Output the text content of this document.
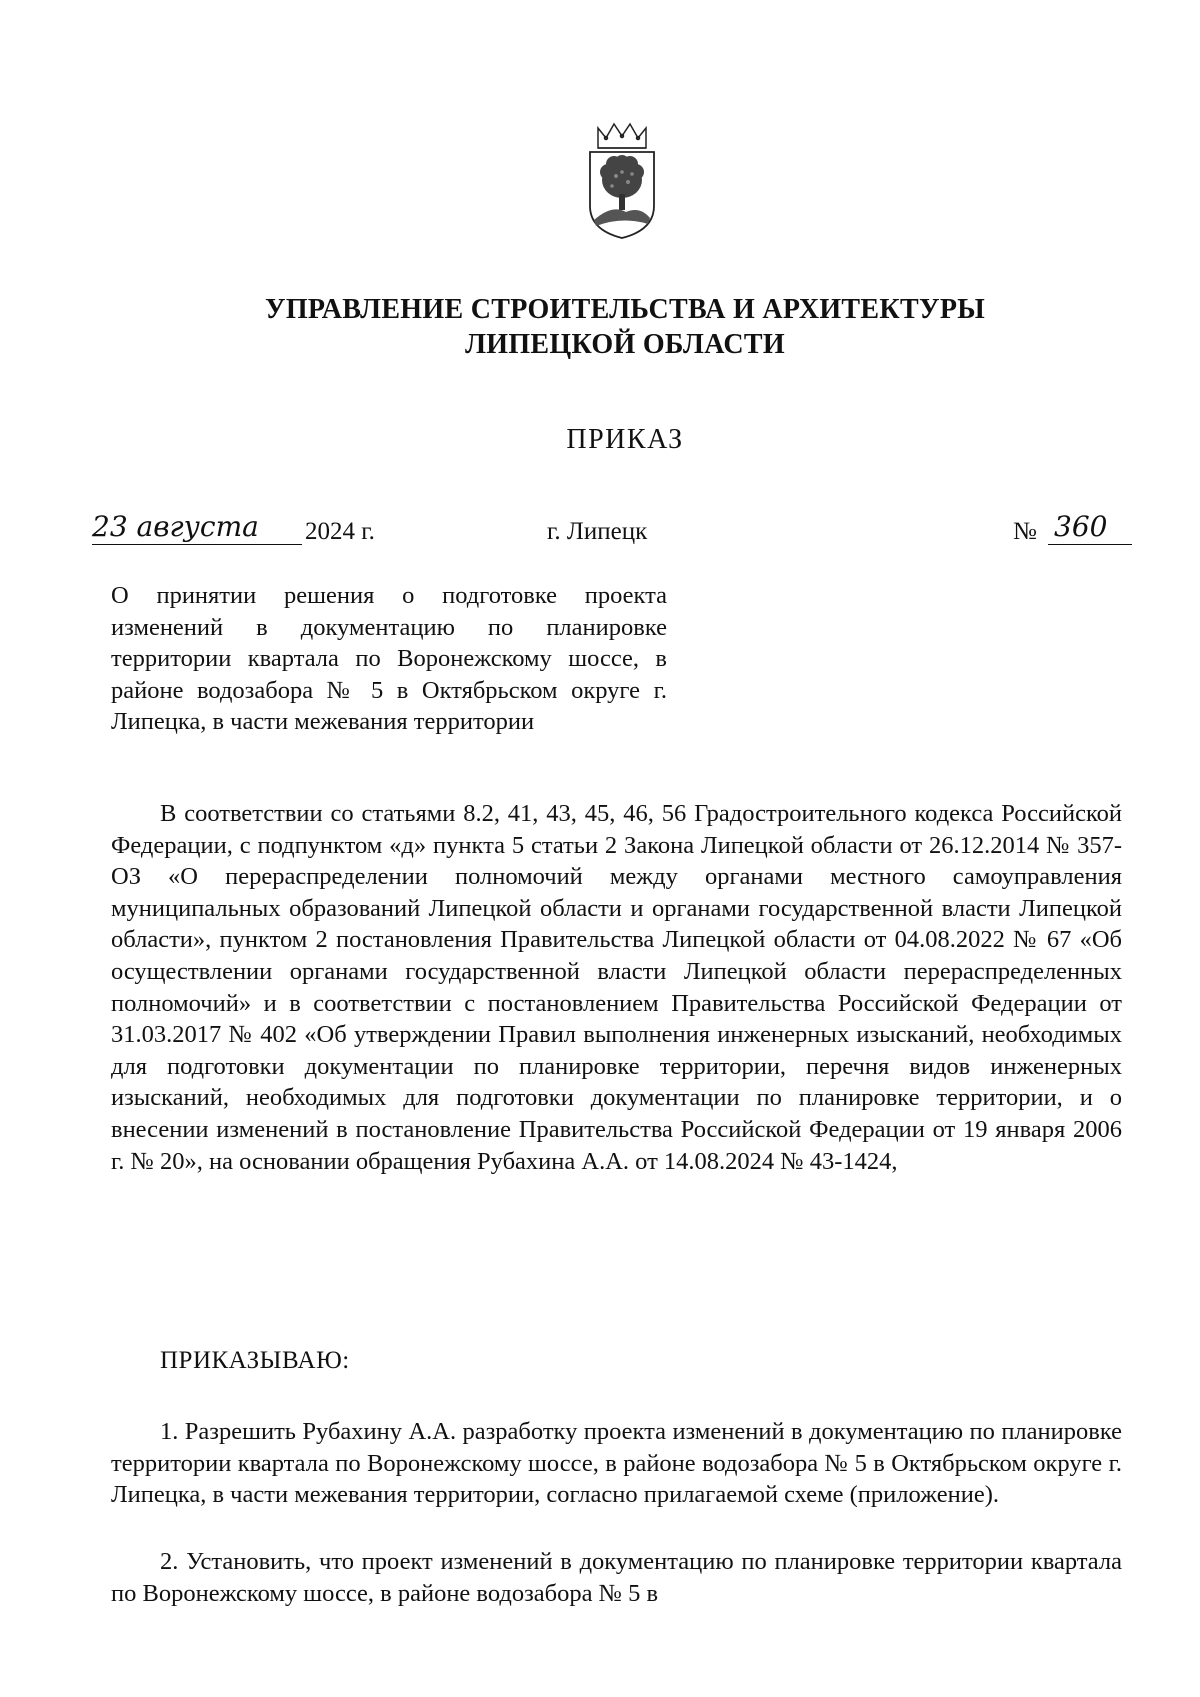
УПРАВЛЕНИЕ СТРОИТЕЛЬСТВА И АРХИТЕКТУРЫ
ЛИПЕЦКОЙ ОБЛАСТИ
ПРИКАЗ
23 августа	2024 г.	г. Липецк	№ 360
О принятии решения о подготовке проекта изменений в документацию по планировке территории квартала по Воронежскому шоссе, в районе водозабора № 5 в Октябрьском округе г. Липецка, в части межевания территории
В соответствии со статьями 8.2, 41, 43, 45, 46, 56 Градостроительного кодекса Российской Федерации, с подпунктом «д» пункта 5 статьи 2 Закона Липецкой области от 26.12.2014 № 357-ОЗ «О перераспределении полномочий между органами местного самоуправления муниципальных образований Липецкой области и органами государственной власти Липецкой области», пунктом 2 постановления Правительства Липецкой области от 04.08.2022 № 67 «Об осуществлении органами государственной власти Липецкой области перераспределенных полномочий» и в соответствии с постановлением Правительства Российской Федерации от 31.03.2017 № 402 «Об утверждении Правил выполнения инженерных изысканий, необходимых для подготовки документации по планировке территории, перечня видов инженерных изысканий, необходимых для подготовки документации по планировке территории, и о внесении изменений в постановление Правительства Российской Федерации от 19 января 2006 г. № 20», на основании обращения Рубахина А.А. от 14.08.2024 № 43-1424,
ПРИКАЗЫВАЮ:
1. Разрешить Рубахину А.А. разработку проекта изменений в документацию по планировке территории квартала по Воронежскому шоссе, в районе водозабора № 5 в Октябрьском округе г. Липецка, в части межевания территории, согласно прилагаемой схеме (приложение).
2. Установить, что проект изменений в документацию по планировке территории квартала по Воронежскому шоссе, в районе водозабора № 5 в
